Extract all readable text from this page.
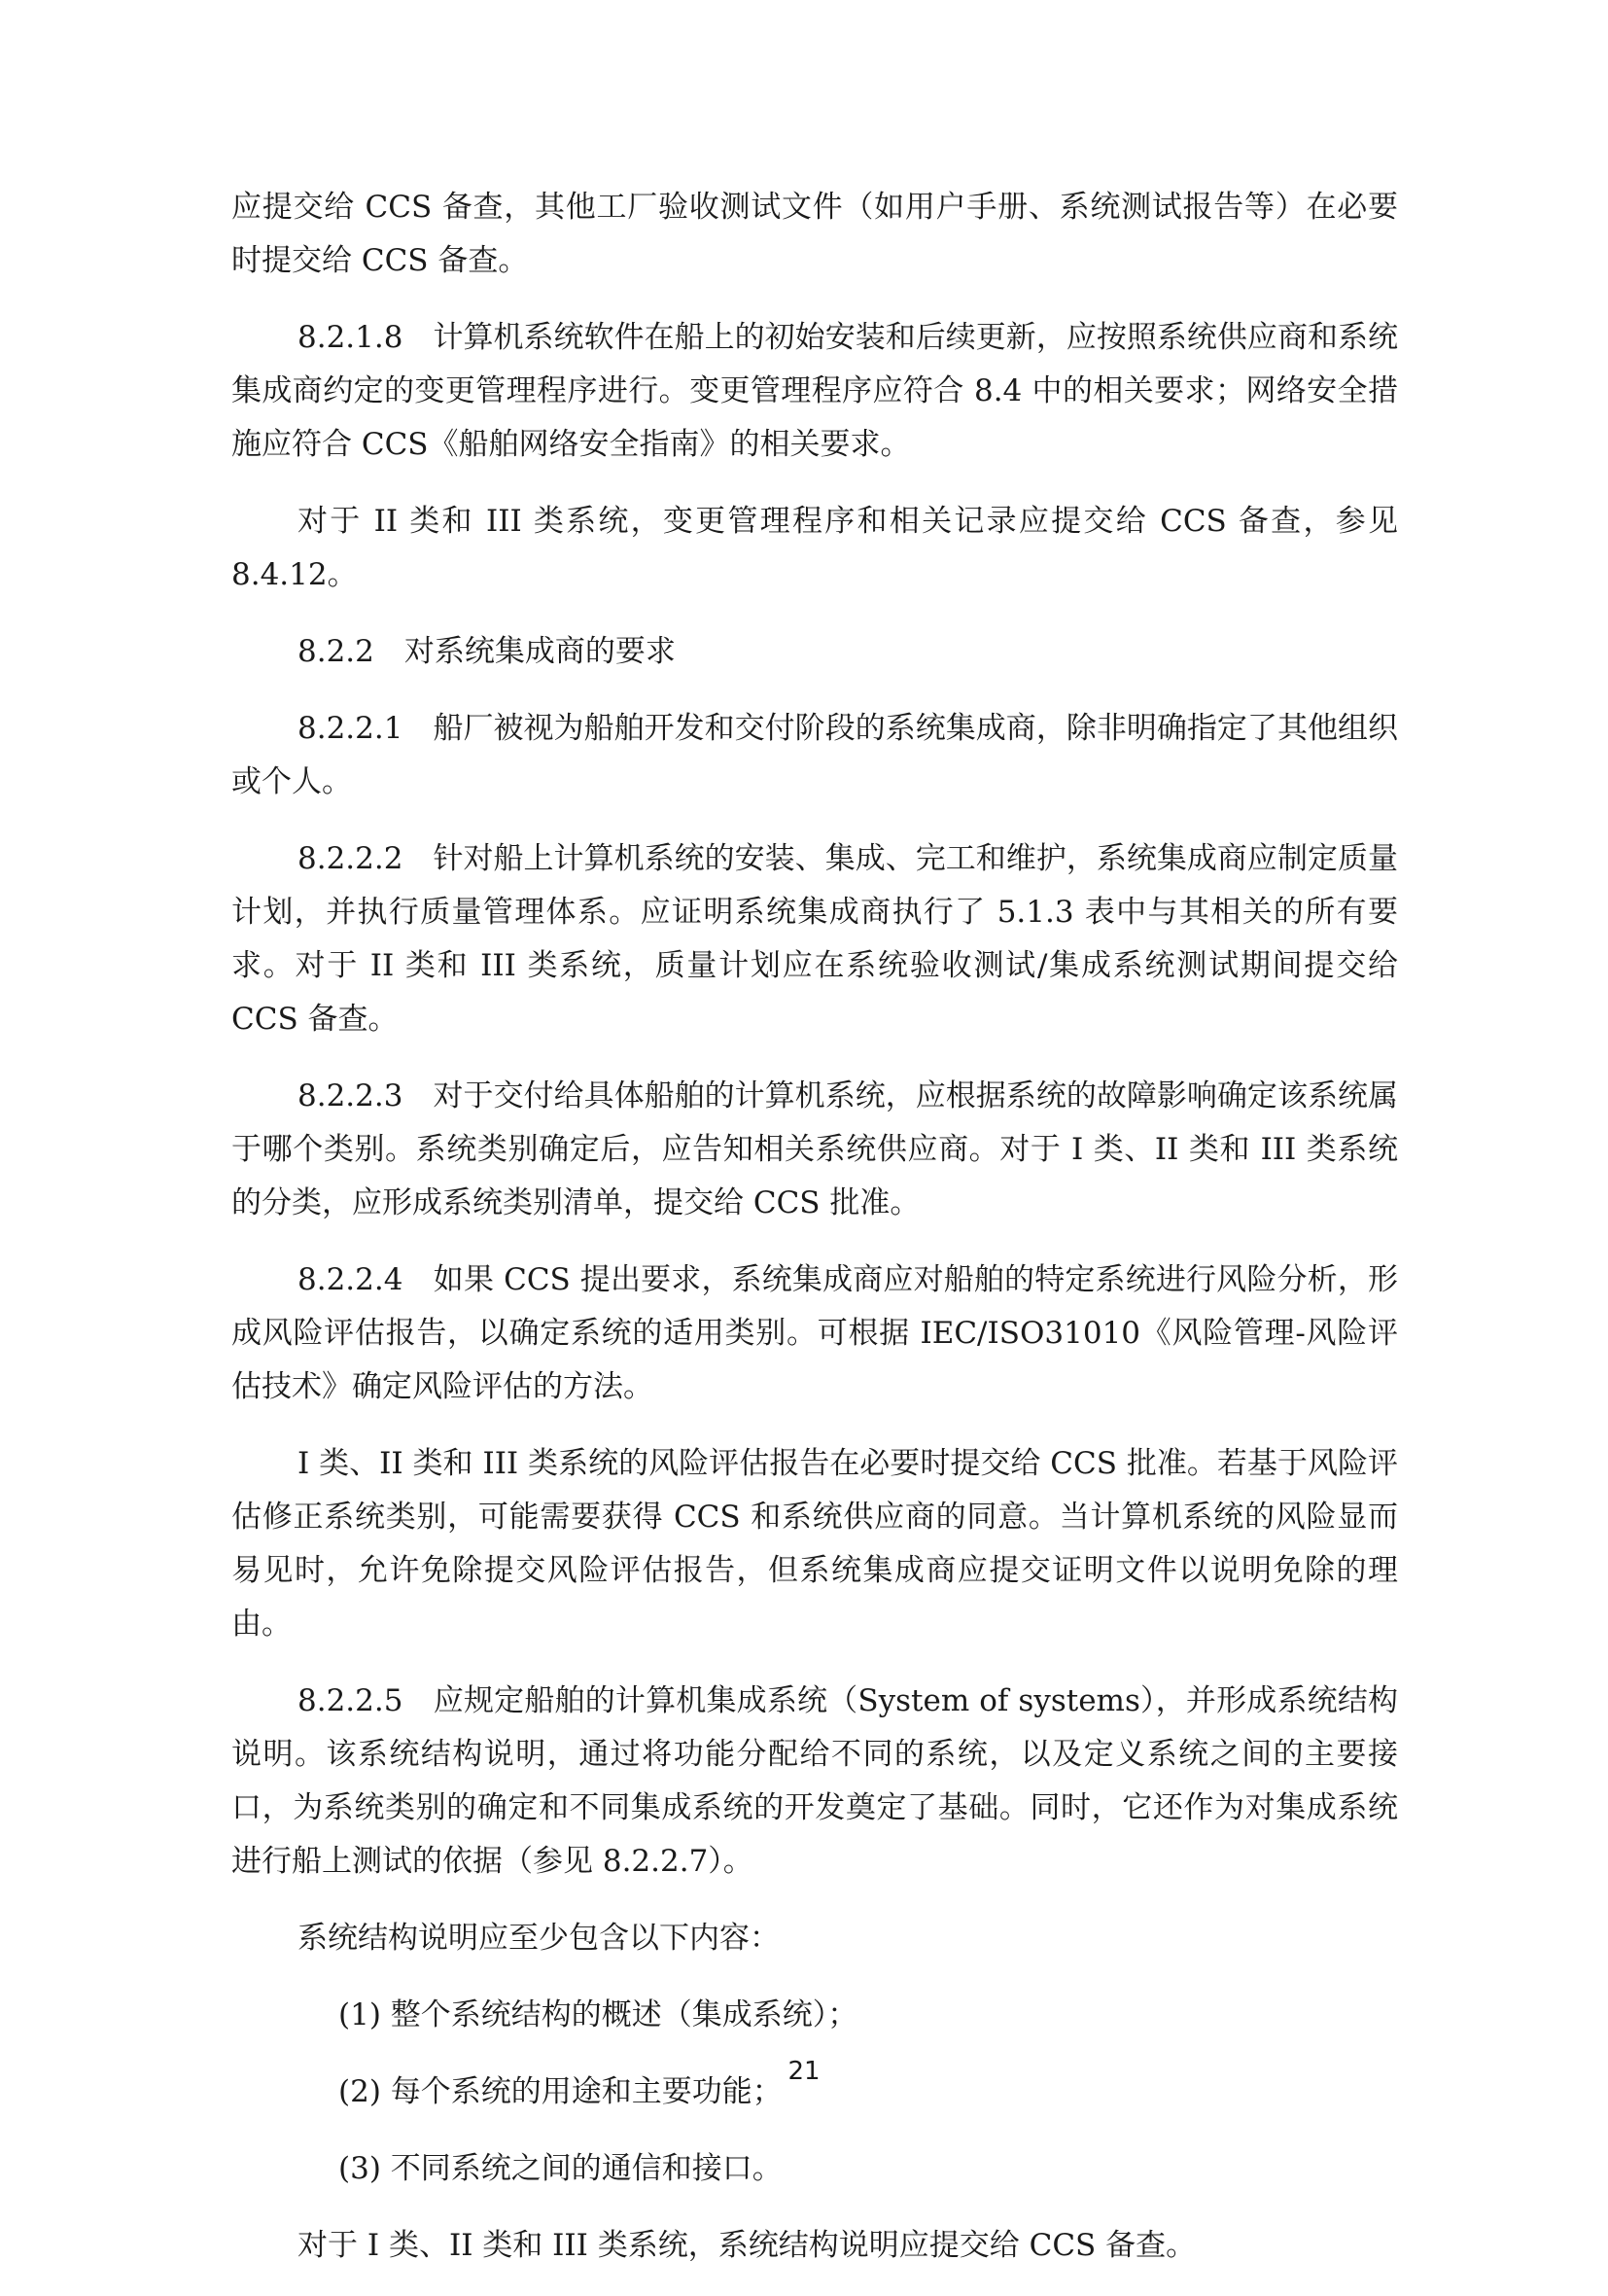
应提交给 CCS 备查，其他工厂验收测试文件（如用户手册、系统测试报告等）在必要时提交给 CCS 备查。

8.2.1.8　计算机系统软件在船上的初始安装和后续更新，应按照系统供应商和系统集成商约定的变更管理程序进行。变更管理程序应符合 8.4 中的相关要求；网络安全措施应符合 CCS《船舶网络安全指南》的相关要求。

对于 II 类和 III 类系统，变更管理程序和相关记录应提交给 CCS 备查，参见 8.4.12。

8.2.2　对系统集成商的要求

8.2.2.1　船厂被视为船舶开发和交付阶段的系统集成商，除非明确指定了其他组织或个人。

8.2.2.2　针对船上计算机系统的安装、集成、完工和维护，系统集成商应制定质量计划，并执行质量管理体系。应证明系统集成商执行了 5.1.3 表中与其相关的所有要求。对于 II 类和 III 类系统，质量计划应在系统验收测试/集成系统测试期间提交给 CCS 备查。

8.2.2.3　对于交付给具体船舶的计算机系统，应根据系统的故障影响确定该系统属于哪个类别。系统类别确定后，应告知相关系统供应商。对于 I 类、II 类和 III 类系统的分类，应形成系统类别清单，提交给 CCS 批准。

8.2.2.4　如果 CCS 提出要求，系统集成商应对船舶的特定系统进行风险分析，形成风险评估报告，以确定系统的适用类别。可根据 IEC/ISO31010《风险管理-风险评估技术》确定风险评估的方法。

I 类、II 类和 III 类系统的风险评估报告在必要时提交给 CCS 批准。若基于风险评估修正系统类别，可能需要获得 CCS 和系统供应商的同意。当计算机系统的风险显而易见时，允许免除提交风险评估报告，但系统集成商应提交证明文件以说明免除的理由。

8.2.2.5　应规定船舶的计算机集成系统（System of systems），并形成系统结构说明。该系统结构说明，通过将功能分配给不同的系统，以及定义系统之间的主要接口，为系统类别的确定和不同集成系统的开发奠定了基础。同时，它还作为对集成系统进行船上测试的依据（参见 8.2.2.7）。

系统结构说明应至少包含以下内容：

(1) 整个系统结构的概述（集成系统）；

(2) 每个系统的用途和主要功能；

(3) 不同系统之间的通信和接口。

对于 I 类、II 类和 III 类系统，系统结构说明应提交给 CCS 备查。

21
